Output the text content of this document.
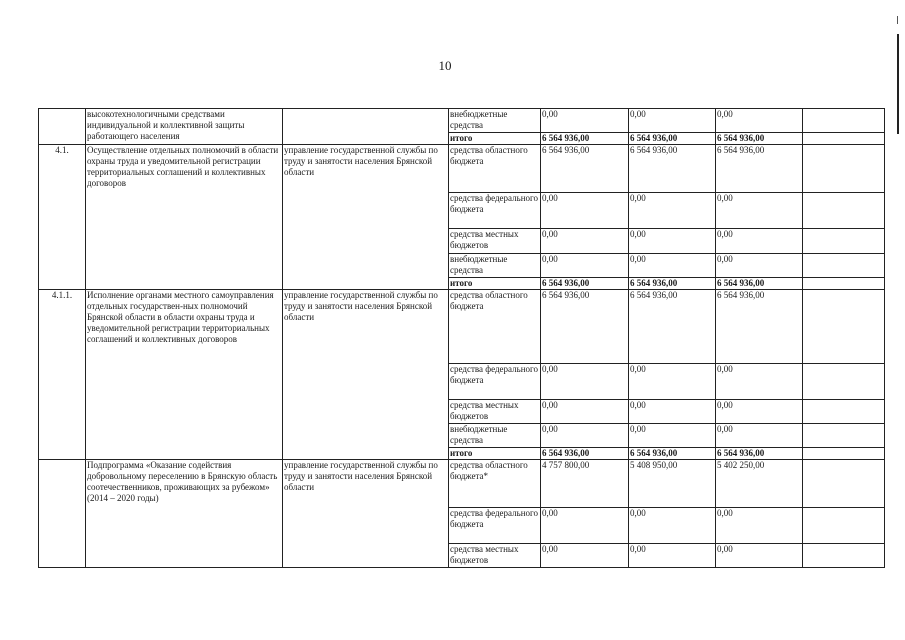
10
	высокотехнологичными средствами индивидуальной и коллективной защиты работающего населения		внебюджетные средства	0,00	0,00	0,00	
			итого	6 564 936,00	6 564 936,00	6 564 936,00	
4.1.	Осуществление отдельных полномочий в области охраны труда и уведомительной регистрации территориальных соглашений и коллективных договоров	управление государственной службы по труду и занятости населения Брянской области	средства областного бюджета	6 564 936,00	6 564 936,00	6 564 936,00	
			средства федерального бюджета	0,00	0,00	0,00	
			средства местных бюджетов	0,00	0,00	0,00	
			внебюджетные средства	0,00	0,00	0,00	
			итого	6 564 936,00	6 564 936,00	6 564 936,00	
4.1.1.	Исполнение органами местного самоуправления отдельных государствен-ных полномочий Брянской области в области охраны труда и уведомительной регистрации территориальных соглашений и коллективных договоров	управление государственной службы по труду и занятости населения Брянской области	средства областного бюджета	6 564 936,00	6 564 936,00	6 564 936,00	
			средства федерального бюджета	0,00	0,00	0,00	
			средства местных бюджетов	0,00	0,00	0,00	
			внебюджетные средства	0,00	0,00	0,00	
			итого	6 564 936,00	6 564 936,00	6 564 936,00	
	Подпрограмма «Оказание содействия добровольному переселению в Брянскую область соотечественников, проживающих за рубежом» (2014 – 2020 годы)	управление государственной службы по труду и занятости населения Брянской области	средства областного бюджета*	4 757 800,00	5 408 950,00	5 402 250,00	
			средства федерального бюджета	0,00	0,00	0,00	
			средства местных бюджетов	0,00	0,00	0,00	
